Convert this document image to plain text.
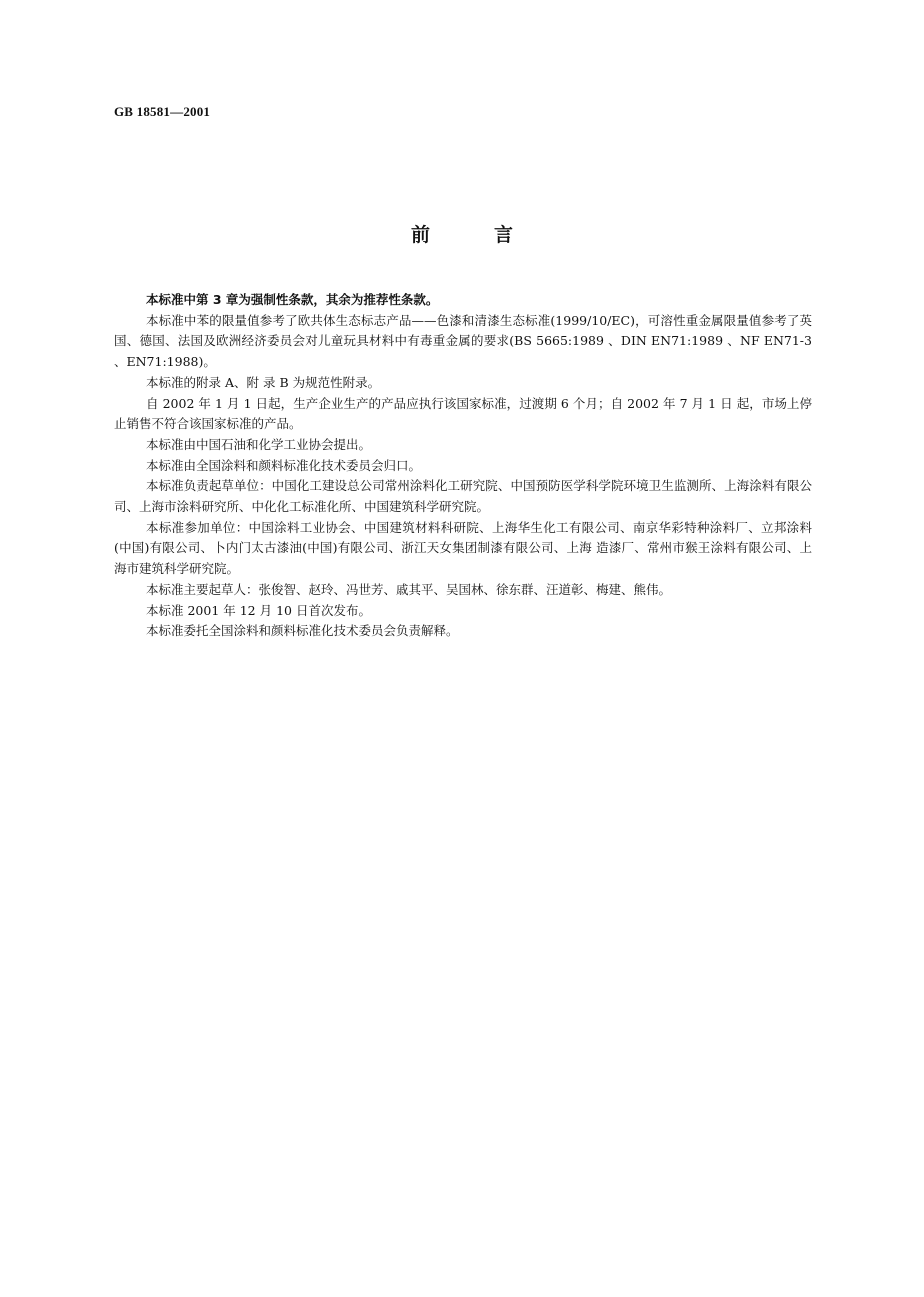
GB 18581—2001
前	言

本标准中第 3 章为强制性条款，其余为推荐性条款。

本标准中苯的限量值参考了欧共体生态标志产品——色漆和清漆生态标准(1999/10/EC)，可溶性重金属限量值参考了英国、德国、法国及欧洲经济委员会对儿童玩具材料中有毒重金属的要求(BS 5665:1989 、DIN EN71:1989 、NF EN71-3 、EN71:1988)。

本标准的附录 A、附 录 B 为规范性附录。

自 2002 年 1 月 1 日起，生产企业生产的产品应执行该国家标准，过渡期 6 个月；自 2002 年 7 月 1 日 起，市场上停止销售不符合该国家标准的产品。

本标准由中国石油和化学工业协会提出。

本标准由全国涂料和颜料标准化技术委员会归口。

本标准负责起草单位：中国化工建设总公司常州涂料化工研究院、中国预防医学科学院环境卫生监测所、上海涂料有限公司、上海市涂料研究所、中化化工标准化所、中国建筑科学研究院。

本标准参加单位：中国涂料工业协会、中国建筑材料科研院、上海华生化工有限公司、南京华彩特种涂料厂、立邦涂料(中国)有限公司、卜内门太古漆油(中国)有限公司、浙江天女集团制漆有限公司、上海 造漆厂、常州市猴王涂料有限公司、上海市建筑科学研究院。

本标准主要起草人：张俊智、赵玲、冯世芳、戚其平、吴国林、徐东群、汪道彰、梅建、熊伟。

本标准 2001 年 12 月 10 日首次发布。

本标准委托全国涂料和颜料标准化技术委员会负责解释。
